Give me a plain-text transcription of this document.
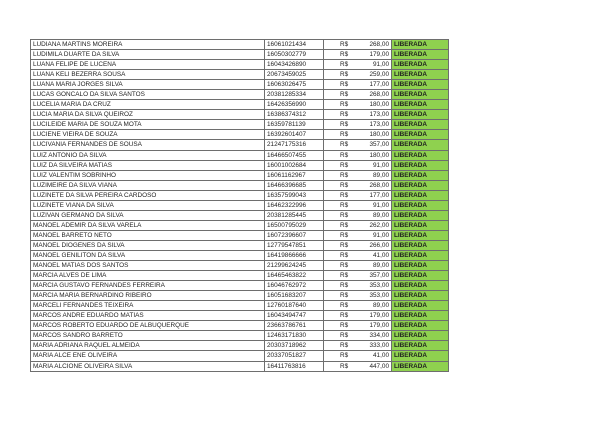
LUDIANA MARTINS MOREIRA	16061021434	R$ 268,00	LIBERADA
LUDIMILA DUARTE DA SILVA	16050302779	R$ 179,00	LIBERADA
LUANA FELIPE DE LUCENA	16043426890	R$ 91,00	LIBERADA
LUANA KELI BEZERRA SOUSA	20673459025	R$ 259,00	LIBERADA
LUANA MARIA JORGES SILVA	16063026475	R$ 177,00	LIBERADA
LUCAS GONCALO DA SILVA SANTOS	20381285334	R$ 268,00	LIBERADA
LUCELIA MARIA DA CRUZ	16426356990	R$ 180,00	LIBERADA
LUCIA MARIA DA SILVA QUEIROZ	16386374312	R$ 173,00	LIBERADA
LUCILEIDE MARIA DE SOUZA MOTA	16359781139	R$ 173,00	LIBERADA
LUCIENE VIEIRA DE SOUZA	16392601407	R$ 180,00	LIBERADA
LUCIVANIA FERNANDES DE SOUSA	21247175316	R$ 357,00	LIBERADA
LUIZ ANTONIO DA SILVA	16466507455	R$ 180,00	LIBERADA
LUIZ DA SILVEIRA MATIAS	16001002684	R$ 91,00	LIBERADA
LUIZ VALENTIM SOBRINHO	16061162967	R$ 89,00	LIBERADA
LUZIMEIRE DA SILVA VIANA	16466396685	R$ 268,00	LIBERADA
LUZINETE DA SILVA PEREIRA CARDOSO	16357599043	R$ 177,00	LIBERADA
LUZINETE VIANA DA SILVA	16462322996	R$ 91,00	LIBERADA
LUZIVAN GERMANO DA SILVA	20381285445	R$ 89,00	LIBERADA
MANOEL ADEMIR DA SILVA VARELA	16500795029	R$ 262,00	LIBERADA
MANOEL BARRETO NETO	16072396607	R$ 91,00	LIBERADA
MANOEL DIOGENES DA SILVA	12779547851	R$ 266,00	LIBERADA
MANOEL GENILITON DA SILVA	16419866666	R$ 41,00	LIBERADA
MANOEL MATIAS DOS SANTOS	21299624245	R$ 89,00	LIBERADA
MARCIA ALVES DE LIMA	16465463822	R$ 357,00	LIBERADA
MARCIA GUSTAVO FERNANDES FERREIRA	16046762972	R$ 353,00	LIBERADA
MARCIA MARIA BERNARDINO RIBEIRO	16051683207	R$ 353,00	LIBERADA
MARCELI FERNANDES TEIXEIRA	12760187640	R$ 89,00	LIBERADA
MARCOS ANDRE EDUARDO MATIAS	16043494747	R$ 179,00	LIBERADA
MARCOS ROBERTO EDUARDO DE ALBUQUERQUE	23663786761	R$ 179,00	LIBERADA
MARCOS SANDRO BARRETO	12463171830	R$ 334,00	LIBERADA
MARIA ADRIANA RAQUEL ALMEIDA	20303718962	R$ 333,00	LIBERADA
MARIA ALCE ENE OLIVEIRA	20337051827	R$ 41,00	LIBERADA
MARIA ALCIONE OLIVEIRA SILVA	16411763816	R$ 447,00	LIBERADA
